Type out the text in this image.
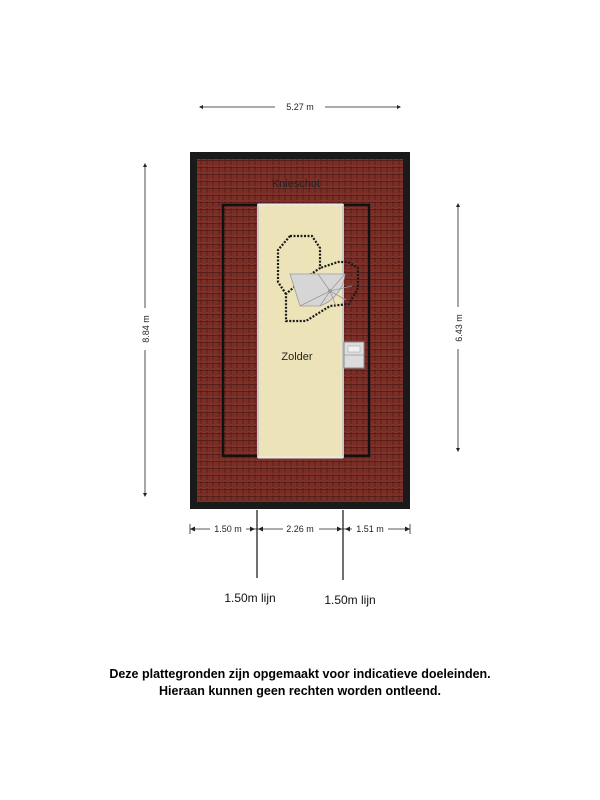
5.27 m
8.84 m	6.43 m
Knieschot
Zolder
1.50 m	2.26 m	1.51 m
1.50m lijn	1.50m lijn
Deze plattegronden zijn opgemaakt voor indicatieve doeleinden.
Hieraan kunnen geen rechten worden ontleend.
